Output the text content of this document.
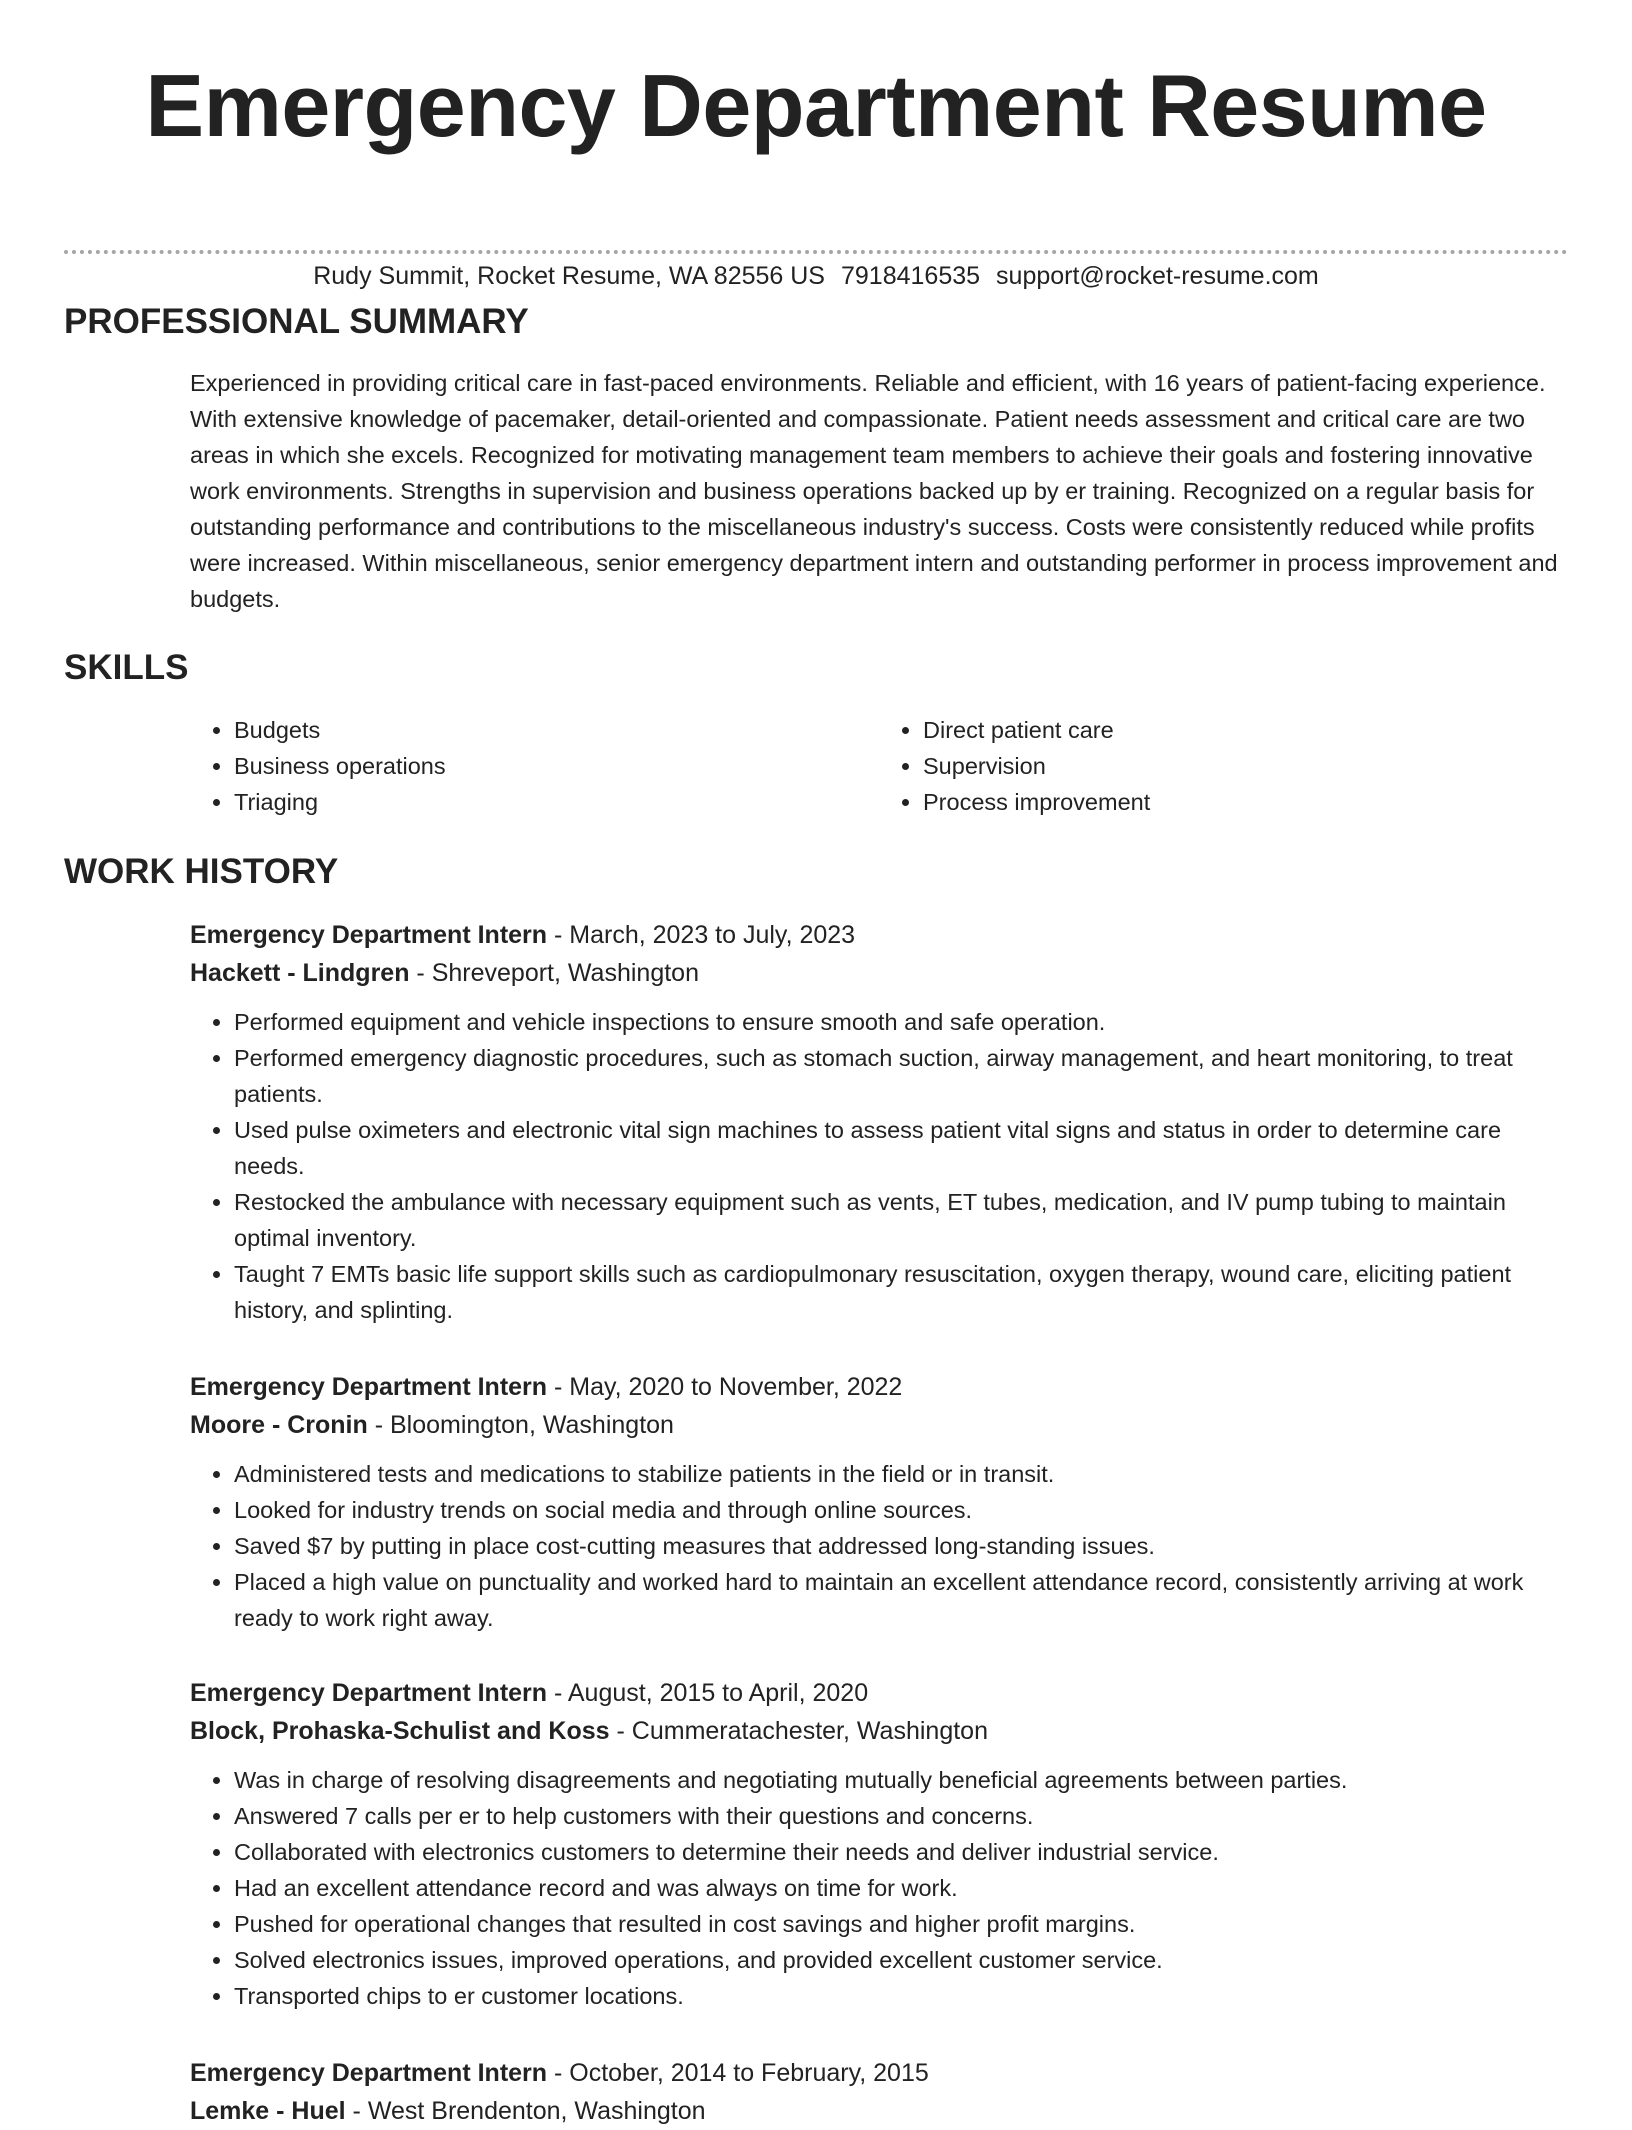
Emergency Department Resume
Rudy Summit, Rocket Resume, WA 82556 US 7918416535 support@rocket-resume.com
PROFESSIONAL SUMMARY

Experienced in providing critical care in fast-paced environments. Reliable and efficient, with 16 years of patient-facing experience. With extensive knowledge of pacemaker, detail-oriented and compassionate. Patient needs assessment and critical care are two areas in which she excels. Recognized for motivating management team members to achieve their goals and fostering innovative work environments. Strengths in supervision and business operations backed up by er training. Recognized on a regular basis for outstanding performance and contributions to the miscellaneous industry's success. Costs were consistently reduced while profits were increased. Within miscellaneous, senior emergency department intern and outstanding performer in process improvement and budgets.

SKILLS
• Budgets
• Business operations
• Triaging
• Direct patient care
• Supervision
• Process improvement
WORK HISTORY

Emergency Department Intern - March, 2023 to July, 2023

Hackett - Lindgren - Shreveport, Washington

• Performed equipment and vehicle inspections to ensure smooth and safe operation.
• Performed emergency diagnostic procedures, such as stomach suction, airway management, and heart monitoring, to treat patients.
• Used pulse oximeters and electronic vital sign machines to assess patient vital signs and status in order to determine care needs.
• Restocked the ambulance with necessary equipment such as vents, ET tubes, medication, and IV pump tubing to maintain optimal inventory.
• Taught 7 EMTs basic life support skills such as cardiopulmonary resuscitation, oxygen therapy, wound care, eliciting patient history, and splinting.

Emergency Department Intern - May, 2020 to November, 2022

Moore - Cronin - Bloomington, Washington

• Administered tests and medications to stabilize patients in the field or in transit.
• Looked for industry trends on social media and through online sources.
• Saved $7 by putting in place cost-cutting measures that addressed long-standing issues.
• Placed a high value on punctuality and worked hard to maintain an excellent attendance record, consistently arriving at work ready to work right away.

Emergency Department Intern - August, 2015 to April, 2020

Block, Prohaska-Schulist and Koss - Cummeratachester, Washington

• Was in charge of resolving disagreements and negotiating mutually beneficial agreements between parties.
• Answered 7 calls per er to help customers with their questions and concerns.
• Collaborated with electronics customers to determine their needs and deliver industrial service.
• Had an excellent attendance record and was always on time for work.
• Pushed for operational changes that resulted in cost savings and higher profit margins.
• Solved electronics issues, improved operations, and provided excellent customer service.
• Transported chips to er customer locations.

Emergency Department Intern - October, 2014 to February, 2015

Lemke - Huel - West Brendenton, Washington
